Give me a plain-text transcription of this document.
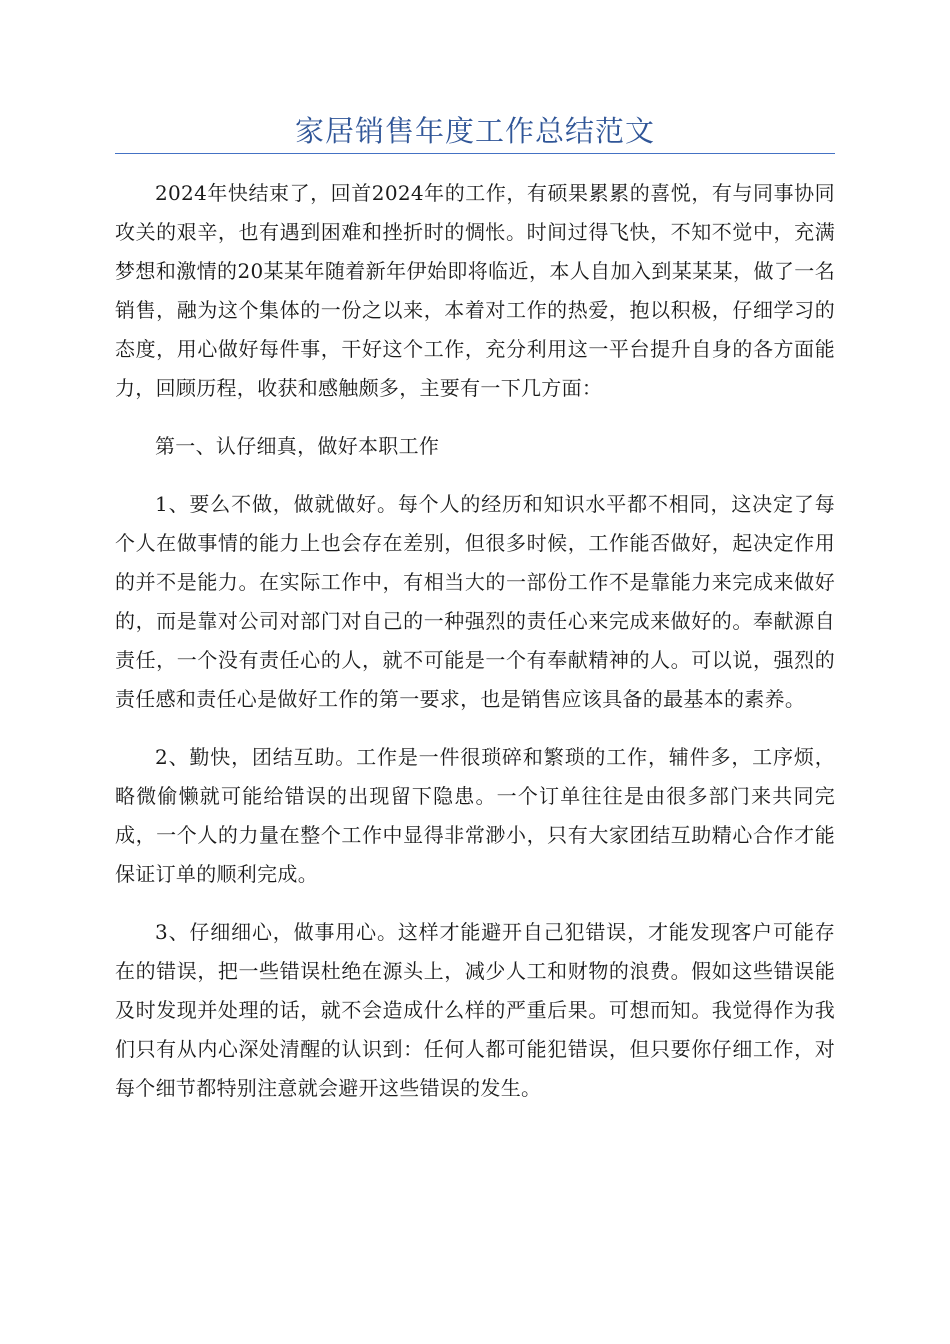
家居销售年度工作总结范文

2024年快结束了，回首2024年的工作，有硕果累累的喜悦，有与同事协同攻关的艰辛，也有遇到困难和挫折时的惆怅。时间过得飞快，不知不觉中，充满梦想和激情的20某某年随着新年伊始即将临近，本人自加入到某某某，做了一名销售，融为这个集体的一份之以来，本着对工作的热爱，抱以积极，仔细学习的态度，用心做好每件事，干好这个工作，充分利用这一平台提升自身的各方面能力，回顾历程，收获和感触颇多，主要有一下几方面：

第一、认仔细真，做好本职工作

1、要么不做，做就做好。每个人的经历和知识水平都不相同，这决定了每个人在做事情的能力上也会存在差别，但很多时候，工作能否做好，起决定作用的并不是能力。在实际工作中，有相当大的一部份工作不是靠能力来完成来做好的，而是靠对公司对部门对自己的一种强烈的责任心来完成来做好的。奉献源自责任，一个没有责任心的人，就不可能是一个有奉献精神的人。可以说，强烈的责任感和责任心是做好工作的第一要求，也是销售应该具备的最基本的素养。

2、勤快，团结互助。工作是一件很琐碎和繁琐的工作，辅件多，工序烦，略微偷懒就可能给错误的出现留下隐患。一个订单往往是由很多部门来共同完成，一个人的力量在整个工作中显得非常渺小，只有大家团结互助精心合作才能保证订单的顺利完成。

3、仔细细心，做事用心。这样才能避开自己犯错误，才能发现客户可能存在的错误，把一些错误杜绝在源头上，减少人工和财物的浪费。假如这些错误能及时发现并处理的话，就不会造成什么样的严重后果。可想而知。我觉得作为我们只有从内心深处清醒的认识到：任何人都可能犯错误，但只要你仔细工作，对每个细节都特别注意就会避开这些错误的发生。
